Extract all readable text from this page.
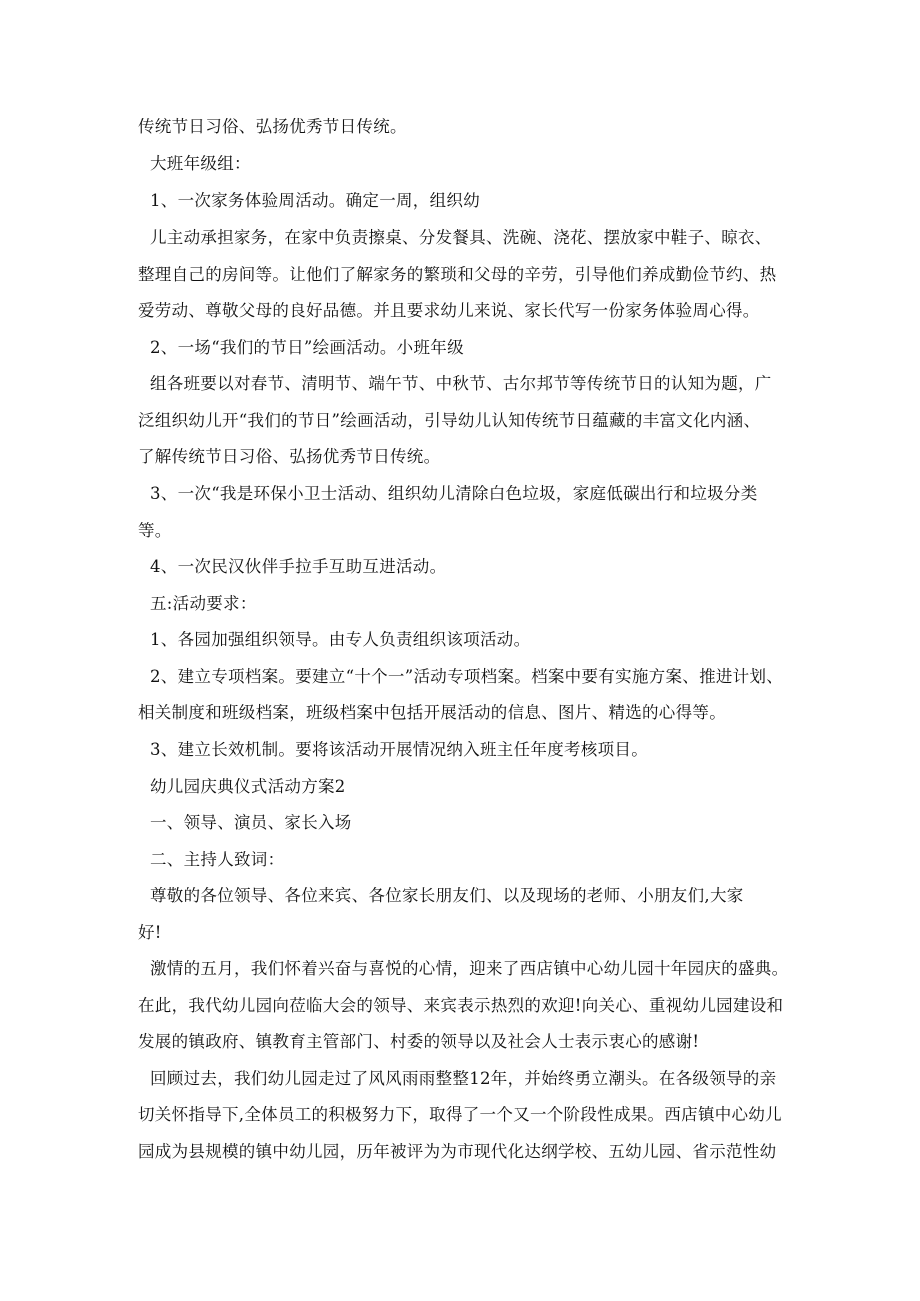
传统节日习俗、弘扬优秀节日传统。
大班年级组：
1、一次家务体验周活动。确定一周，组织幼
儿主动承担家务，在家中负责擦桌、分发餐具、洗碗、浇花、摆放家中鞋子、晾衣、
整理自己的房间等。让他们了解家务的繁琐和父母的辛劳，引导他们养成勤俭节约、热
爱劳动、尊敬父母的良好品德。并且要求幼儿来说、家长代写一份家务体验周心得。
2、一场“我们的节日”绘画活动。小班年级
组各班要以对春节、清明节、端午节、中秋节、古尔邦节等传统节日的认知为题，广
泛组织幼儿开“我们的节日”绘画活动，引导幼儿认知传统节日蕴藏的丰富文化内涵、
了解传统节日习俗、弘扬优秀节日传统。
3、一次“我是环保小卫士活动、组织幼儿清除白色垃圾，家庭低碳出行和垃圾分类
等。
4、一次民汉伙伴手拉手互助互进活动。
五:活动要求：
1、各园加强组织领导。由专人负责组织该项活动。
2、建立专项档案。要建立“十个一”活动专项档案。档案中要有实施方案、推进计划、
相关制度和班级档案，班级档案中包括开展活动的信息、图片、精选的心得等。
3、建立长效机制。要将该活动开展情况纳入班主任年度考核项目。
幼儿园庆典仪式活动方案2
一、领导、演员、家长入场
二、主持人致词：
尊敬的各位领导、各位来宾、各位家长朋友们、以及现场的老师、小朋友们,大家
好!
激情的五月，我们怀着兴奋与喜悦的心情，迎来了西店镇中心幼儿园十年园庆的盛典。
在此，我代幼儿园向莅临大会的领导、来宾表示热烈的欢迎!向关心、重视幼儿园建设和
发展的镇政府、镇教育主管部门、村委的领导以及社会人士表示衷心的感谢!
回顾过去，我们幼儿园走过了风风雨雨整整12年，并始终勇立潮头。在各级领导的亲
切关怀指导下,全体员工的积极努力下，取得了一个又一个阶段性成果。西店镇中心幼儿
园成为县规模的镇中幼儿园，历年被评为为市现代化达纲学校、五幼儿园、省示范性幼
